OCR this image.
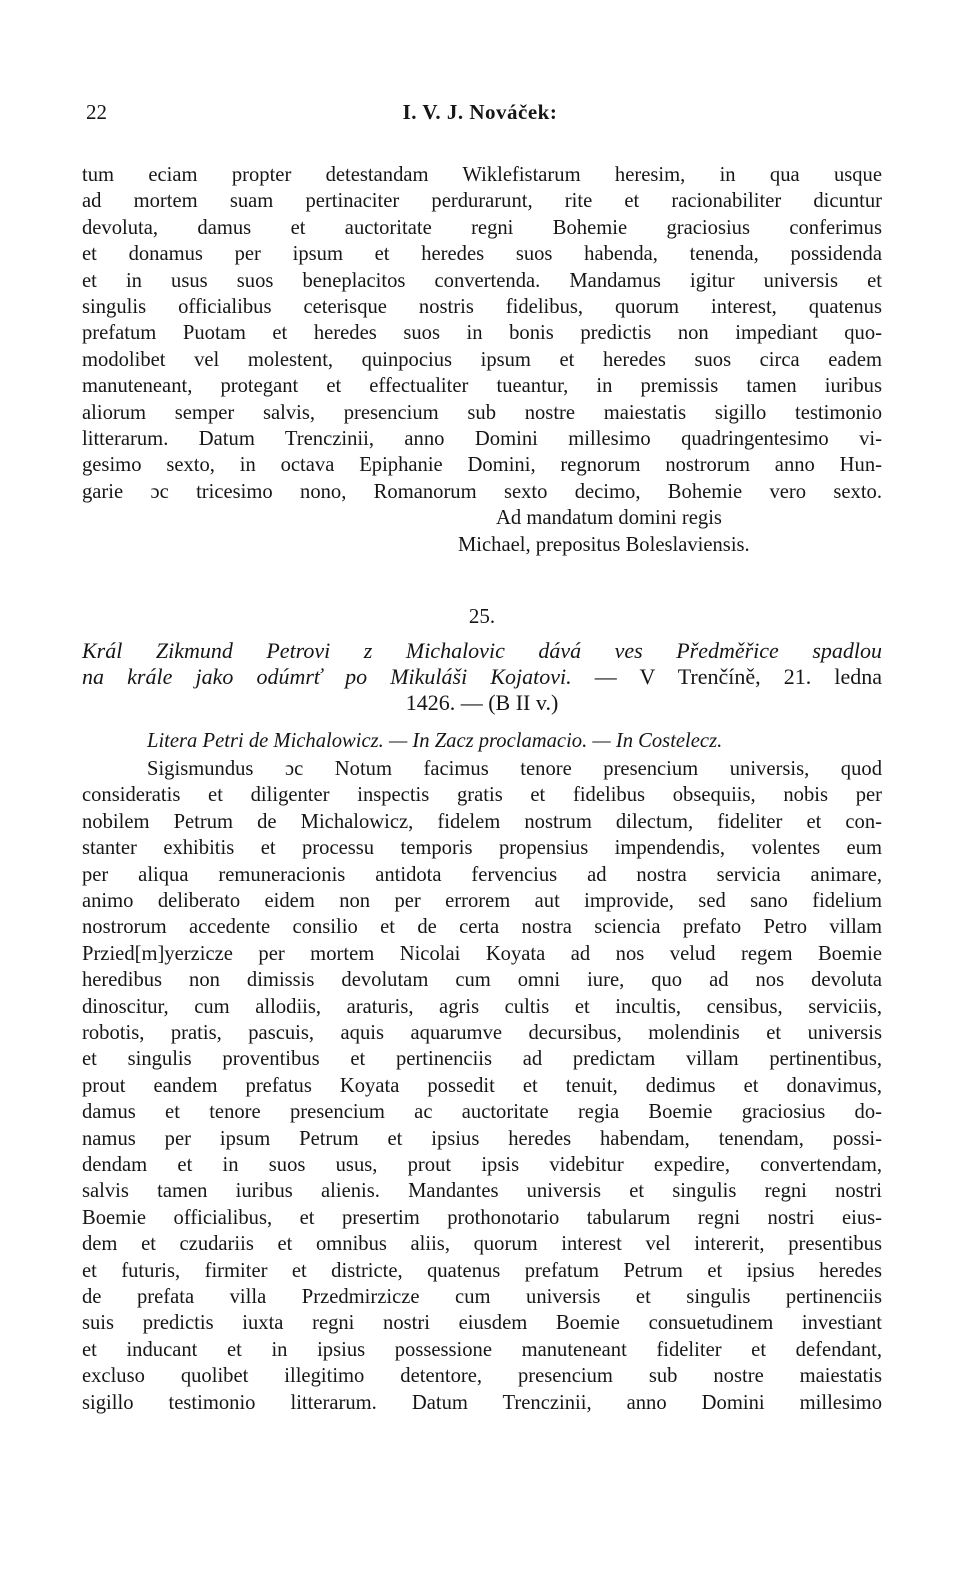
22	I. V. J. Nováček:
tum eciam propter detestandam Wiklefistarum heresim, in qua usque
ad mortem suam pertinaciter perdurarunt, rite et racionabiliter dicuntur
devoluta, damus et auctoritate regni Bohemie graciosius conferimus
et donamus per ipsum et heredes suos habenda, tenenda, possidenda
et in usus suos beneplacitos convertenda. Mandamus igitur universis et
singulis officialibus ceterisque nostris fidelibus, quorum interest, quatenus
prefatum Puotam et heredes suos in bonis predictis non impediant quo-
modolibet vel molestent, quinpocius ipsum et heredes suos circa eadem
manuteneant, protegant et effectualiter tueantur, in premissis tamen iuribus
aliorum semper salvis, presencium sub nostre maiestatis sigillo testimonio
litterarum. Datum Trenczinii, anno Domini millesimo quadringentesimo vi-
gesimo sexto, in octava Epiphanie Domini, regnorum nostrorum anno Hun-
garie ɔc tricesimo nono, Romanorum sexto decimo, Bohemie vero sexto.
Ad mandatum domini regis
Michael, prepositus Boleslaviensis.
25.
Král Zikmund Petrovi z Michalovic dává ves Předměřice spadlou
na krále jako odúmrť po Mikuláši Kojatovi. — V Trenčíně, 21. ledna
1426. — (B II v.)
Litera Petri de Michalowicz. — In Zacz proclamacio. — In Costelecz.
Sigismundus ɔc Notum facimus tenore presencium universis, quod
consideratis et diligenter inspectis gratis et fidelibus obsequiis, nobis per
nobilem Petrum de Michalowicz, fidelem nostrum dilectum, fideliter et con-
stanter exhibitis et processu temporis propensius impendendis, volentes eum
per aliqua remuneracionis antidota fervencius ad nostra servicia animare,
animo deliberato eidem non per errorem aut improvide, sed sano fidelium
nostrorum accedente consilio et de certa nostra sciencia prefato Petro villam
Przied[m]yerzicze per mortem Nicolai Koyata ad nos velud regem Boemie
heredibus non dimissis devolutam cum omni iure, quo ad nos devoluta
dinoscitur, cum allodiis, araturis, agris cultis et incultis, censibus, serviciis,
robotis, pratis, pascuis, aquis aquarumve decursibus, molendinis et universis
et singulis proventibus et pertinenciis ad predictam villam pertinentibus,
prout eandem prefatus Koyata possedit et tenuit, dedimus et donavimus,
damus et tenore presencium ac auctoritate regia Boemie graciosius do-
namus per ipsum Petrum et ipsius heredes habendam, tenendam, possi-
dendam et in suos usus, prout ipsis videbitur expedire, convertendam,
salvis tamen iuribus alienis. Mandantes universis et singulis regni nostri
Boemie officialibus, et presertim prothonotario tabularum regni nostri eius-
dem et czudariis et omnibus aliis, quorum interest vel intererit, presentibus
et futuris, firmiter et districte, quatenus prefatum Petrum et ipsius heredes
de prefata villa Przedmirzicze cum universis et singulis pertinenciis
suis predictis iuxta regni nostri eiusdem Boemie consuetudinem investiant
et inducant et in ipsius possessione manuteneant fideliter et defendant,
excluso quolibet illegitimo detentore, presencium sub nostre maiestatis
sigillo testimonio litterarum. Datum Trenczinii, anno Domini millesimo
